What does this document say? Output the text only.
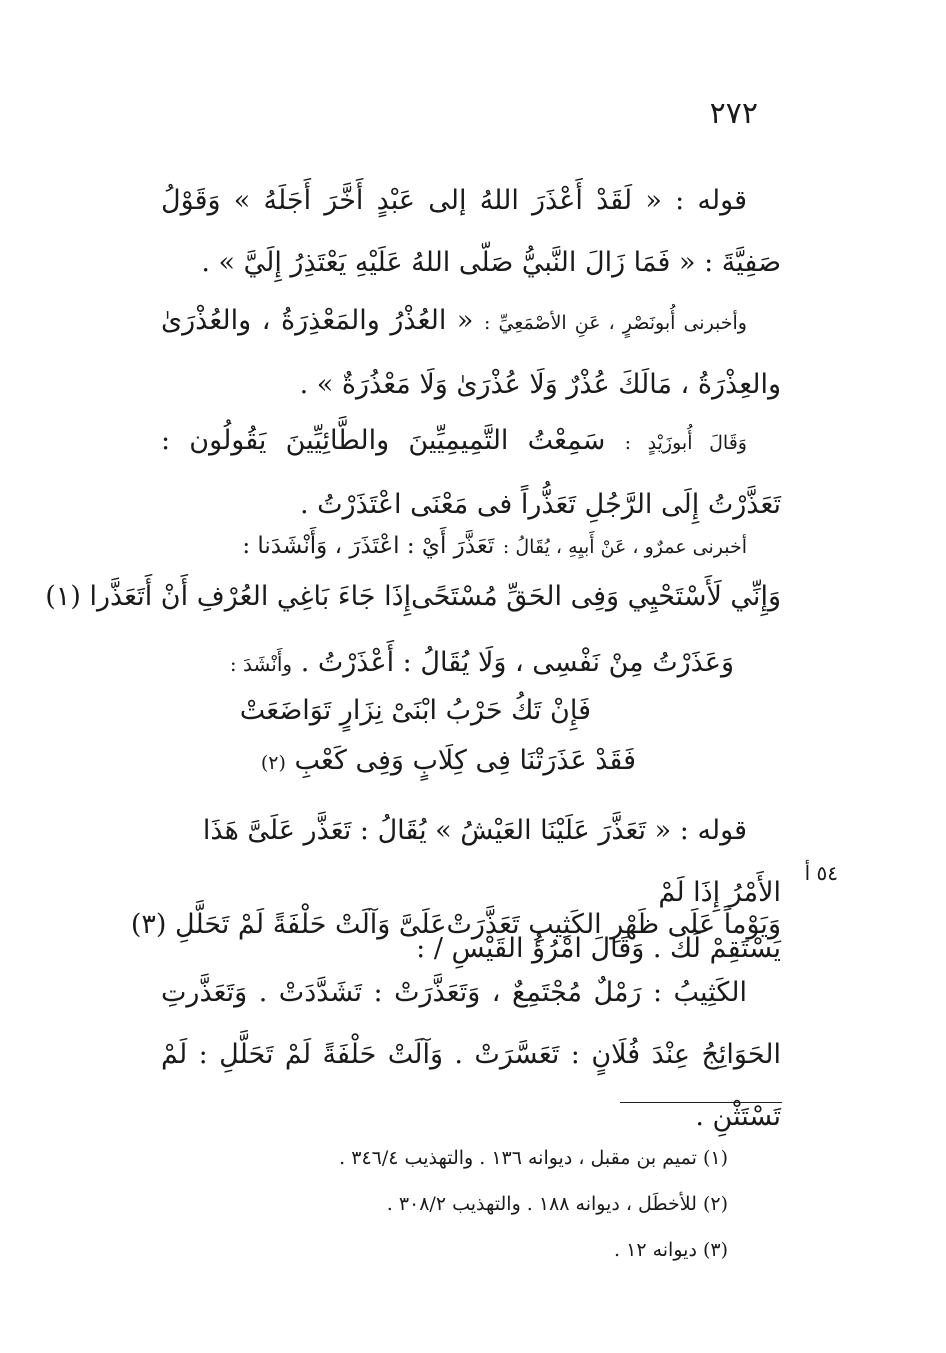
٢٧٢
قوله : « لَقَدْ أَعْذَرَ اللهُ إلى عَبْدٍ أَخَّرَ أَجَلَهُ » وَقَوْلُ صَفِيَّةَ : « فَمَا زَالَ النَّبيُّ صَلّى اللهُ عَلَيْهِ يَعْتَذِرُ إِلَيَّ » .
وأخبرنى أُبونَصْرٍ ، عَنِ الأصْمَعِيِّ : « العُذْرُ والمَعْذِرَةُ ، والعُذْرَىٰ والعِذْرَةُ ، مَالَكَ عُذْرٌ وَلَا عُذْرَىٰ وَلَا مَعْذُرَةٌ » .
وَقَالَ أُبوزَيْدٍ : سَمِعْتُ التَّمِيمِيِّينَ والطَّائِيِّينَ يَقُولُون : تَعَذَّرْتُ إِلَى الرَّجُلِ تَعَذُّراً فى مَعْنَى اعْتَذَرْتُ .
أخبرنى عمرٌو ، عَنْ أَبيِهِ ، يُقَالُ : تَعَذَّرَ أَيْ : اعْتَذَرَ ، وَأَنْشَدَنا :
وَإِنِّي لَأَسْتَحْيِي وَفِى الحَقِّ مُسْتَحًى
إِذَا جَاءَ بَاغِي العُرْفِ أَنْ أَتَعَذَّرا (١)
وَعَذَرْتُ مِنْ نَفْسِى ، وَلَا يُقَالُ : أَعْذَرْتُ . وأَنْشَدَ :
فَإِنْ تَكُ حَرْبُ ابْنَىْ نِزَارٍ تَوَاضَعَتْ
فَقَدْ عَذَرَتْنَا فِى كِلَابٍ وَفِى كَعْبِ (٢)
قوله : « تَعَذَّرَ عَلَيْنَا العَيْشُ » يُقَالُ : تَعَذَّر عَلَىَّ هَذَا الأَمْرُ إِذَا لَمْ
يَسْتَقِمْ لَكَ . وَقَالَ امْرُؤُ القَيْسِ / :
٥٤ أ
وَيَوْماً عَلَى ظَهْرِ الكَثِيبِ تَعَذَّرَتْ
عَلَىَّ وَآلَتْ حَلْفَةً لَمْ تَحَلَّلِ (٣)
الكَثِيبُ : رَمْلٌ مُجْتَمِعٌ ، وَتَعَذَّرَتْ : تَشَدَّدَتْ . وَتَعَذَّرتِ الحَوَائِجُ عِنْدَ فُلَانٍ : تَعَسَّرَتْ . وَآلَتْ حَلْفَةً لَمْ تَحَلَّلِ : لَمْ تَسْتَثْنِ .
(١) تميم بن مقبل ، ديوانه ١٣٦ . والتهذيب ٣٤٦/٤ .
(٢) للأخطَل ، ديوانه ١٨٨ . والتهذيب ٣٠٨/٢ .
(٣) ديوانه ١٢ .
